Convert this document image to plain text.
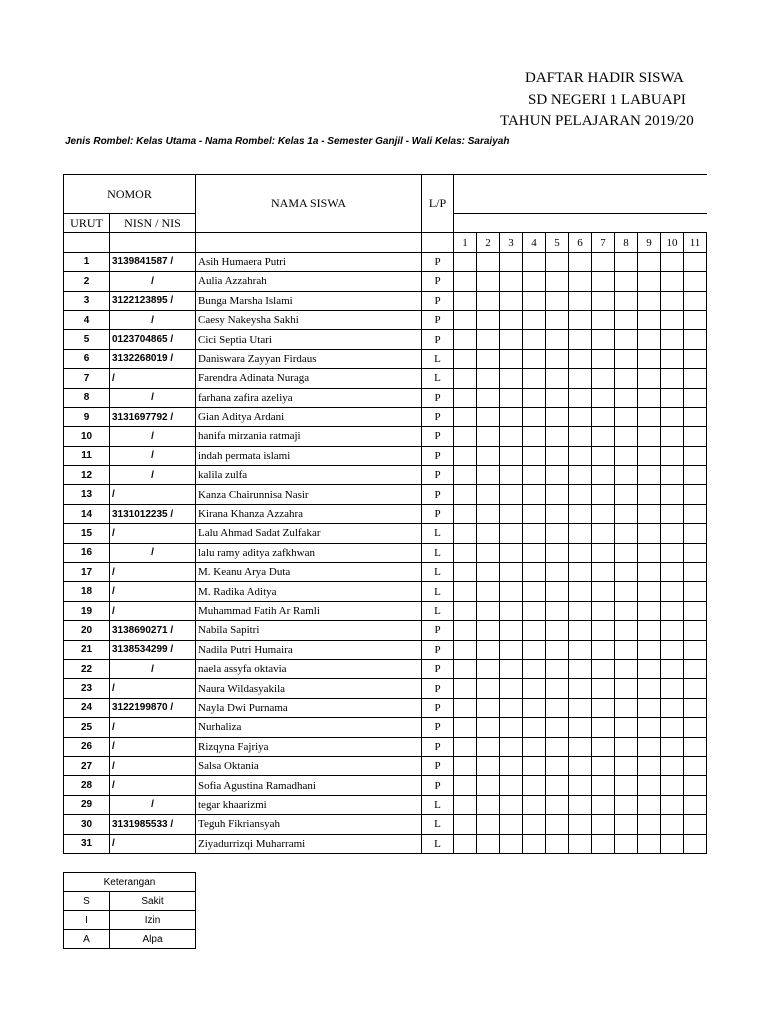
DAFTAR HADIR SISWA
SD NEGERI 1 LABUAPI
TAHUN PELAJARAN 2019/20
Jenis Rombel: Kelas Utama - Nama Rombel: Kelas 1a - Semester Ganjil - Wali Kelas: Saraiyah
NOMOR		NAMA SISWA	L/P											
URUT	NISN / NIS													
				1	2	3	4	5	6	7	8	9	10	11
1	3139841587 /	Asih Humaera Putri	P											
2	/	Aulia Azzahrah	P											
3	3122123895 /	Bunga Marsha Islami	P											
4	/	Caesy Nakeysha Sakhi	P											
5	0123704865 /	Cici Septia Utari	P											
6	3132268019 /	Daniswara Zayyan Firdaus	L											
7	/	Farendra Adinata Nuraga	L											
8	/	farhana zafira azeliya	P											
9	3131697792 /	Gian Aditya Ardani	P											
10	/	hanifa mirzania ratmaji	P											
11	/	indah permata islami	P											
12	/	kalila zulfa	P											
13	/	Kanza Chairunnisa Nasir	P											
14	3131012235 /	Kirana Khanza Azzahra	P											
15	/	Lalu Ahmad Sadat Zulfakar	L											
16	/	lalu ramy aditya zafkhwan	L											
17	/	M. Keanu Arya Duta	L											
18	/	M. Radika Aditya	L											
19	/	Muhammad Fatih Ar Ramli	L											
20	3138690271 /	Nabila Sapitri	P											
21	3138534299 /	Nadila Putri Humaira	P											
22	/	naela assyfa oktavia	P											
23	/	Naura Wildasyakila	P											
24	3122199870 /	Nayla Dwi Purnama	P											
25	/	Nurhaliza	P											
26	/	Rizqyna Fajriya	P											
27	/	Salsa Oktania	P											
28	/	Sofia Agustina Ramadhani	P											
29	/	tegar khaarizmi	L											
30	3131985533 /	Teguh Fikriansyah	L											
31	/	Ziyadurrizqi Muharrami	L											
Keterangan	
S	Sakit
I	Izin
A	Alpa
